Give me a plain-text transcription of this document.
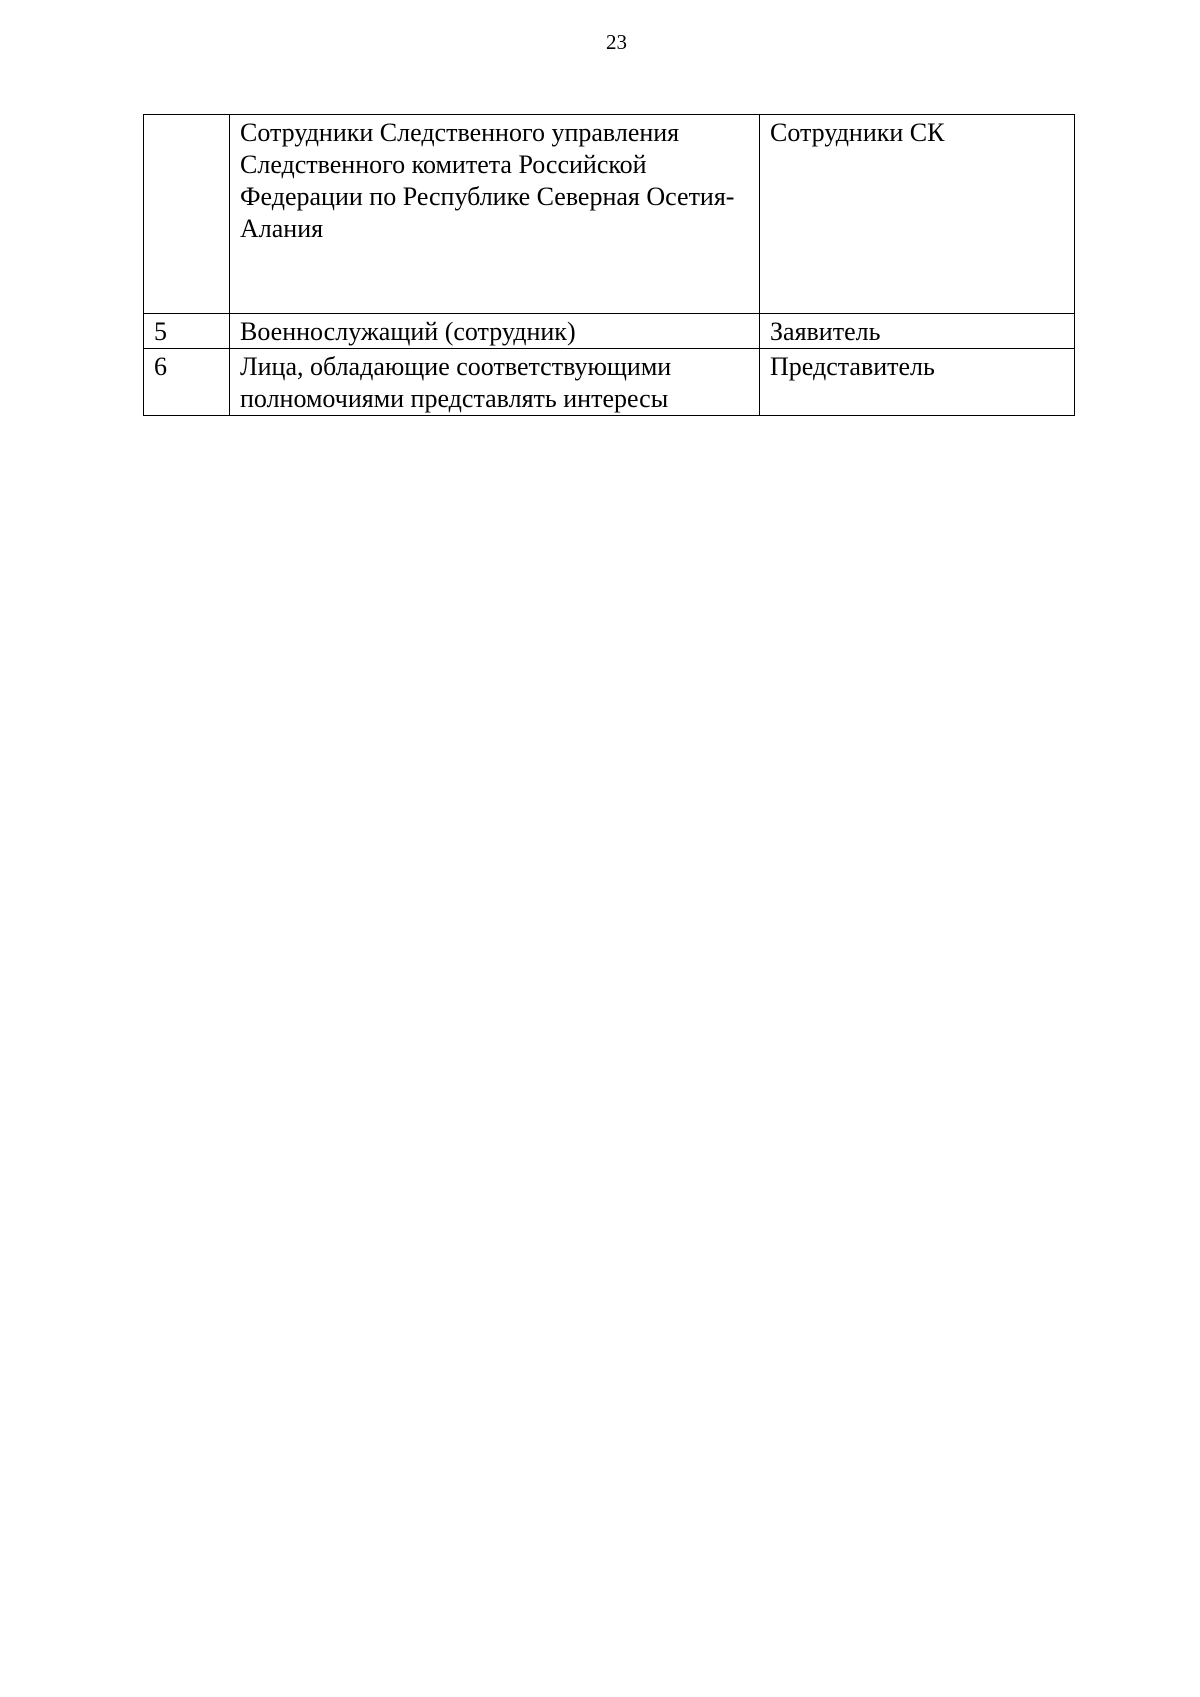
23
	Сотрудники Следственного управления Следственного комитета Российской Федерации по Республике Северная Осетия-Алания	Сотрудники СК
5	Военнослужащий (сотрудник)	Заявитель
6	Лица, обладающие соответствующими полномочиями представлять интересы	Представитель
